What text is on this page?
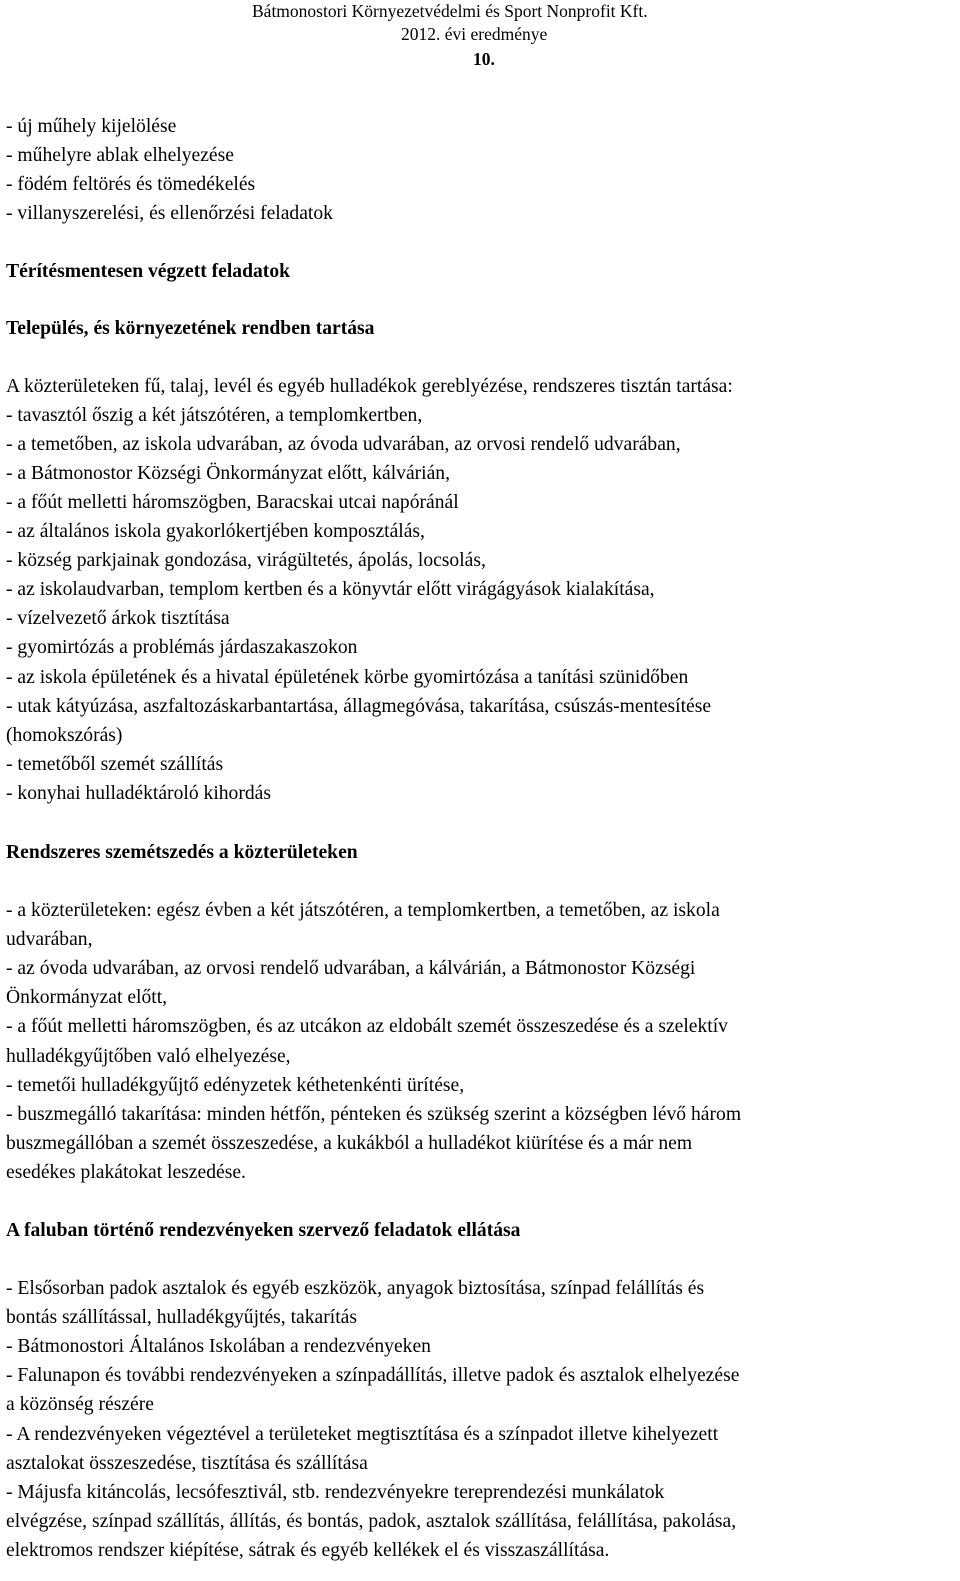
Bátmonostori Környezetvédelmi és Sport Nonprofit Kft.
2012. évi eredménye
10.
- új műhely kijelölése
- műhelyre ablak elhelyezése
- födém feltörés és tömedékelés
- villanyszerelési, és ellenőrzési feladatok
Térítésmentesen végzett feladatok
Település, és környezetének rendben tartása
A közterületeken fű, talaj, levél és egyéb hulladékok gereblyézése, rendszeres tisztán tartása:
- tavasztól őszig a két játszótéren, a templomkertben,
- a temetőben, az iskola udvarában, az óvoda udvarában, az orvosi rendelő udvarában,
- a Bátmonostor Községi Önkormányzat előtt, kálvárián,
- a főút melletti háromszögben, Baracskai utcai napóránál
- az általános iskola gyakorlókertjében komposztálás,
- község parkjainak gondozása, virágültetés, ápolás, locsolás,
- az iskolaudvarban, templom kertben és a könyvtár előtt virágágyások kialakítása,
- vízelvezető árkok tisztítása
- gyomirtózás a problémás járdaszakaszokon
- az iskola épületének és a hivatal épületének körbe gyomirtózása a tanítási szünidőben
- utak kátyúzása, aszfaltozáskarbantartása, állagmegóvása, takarítása, csúszás-mentesítése
(homokszórás)
- temetőből szemét szállítás
- konyhai hulladéktároló kihordás
Rendszeres szemétszedés a közterületeken
- a közterületeken: egész évben a két játszótéren, a templomkertben, a temetőben, az iskola
udvarában,
- az óvoda udvarában, az orvosi rendelő udvarában, a kálvárián, a Bátmonostor Községi
Önkormányzat előtt,
- a főút melletti háromszögben, és az utcákon az eldobált szemét összeszedése és a szelektív
hulladékgyűjtőben való elhelyezése,
- temetői hulladékgyűjtő edényzetek kéthetenkénti ürítése,
- buszmegálló takarítása: minden hétfőn, pénteken és szükség szerint a községben lévő három
buszmegállóban a szemét összeszedése, a kukákból a hulladékot kiürítése és a már nem
esedékes plakátokat leszedése.
A faluban történő rendezvényeken szervező feladatok ellátása
- Elsősorban padok asztalok és egyéb eszközök, anyagok biztosítása, színpad felállítás és
bontás szállítással, hulladékgyűjtés, takarítás
- Bátmonostori Általános Iskolában a rendezvényeken
- Falunapon és további rendezvényeken a színpadállítás, illetve padok és asztalok elhelyezése
a közönség részére
- A rendezvényeken végeztével a területeket megtisztítása és a színpadot illetve kihelyezett
asztalokat összeszedése, tisztítása és szállítása
- Májusfa kitáncolás, lecsófesztivál, stb. rendezvényekre tereprendezési munkálatok
elvégzése, színpad szállítás, állítás, és bontás, padok, asztalok szállítása, felállítása, pakolása,
elektromos rendszer kiépítése, sátrak és egyéb kellékek el és visszaszállítása.
